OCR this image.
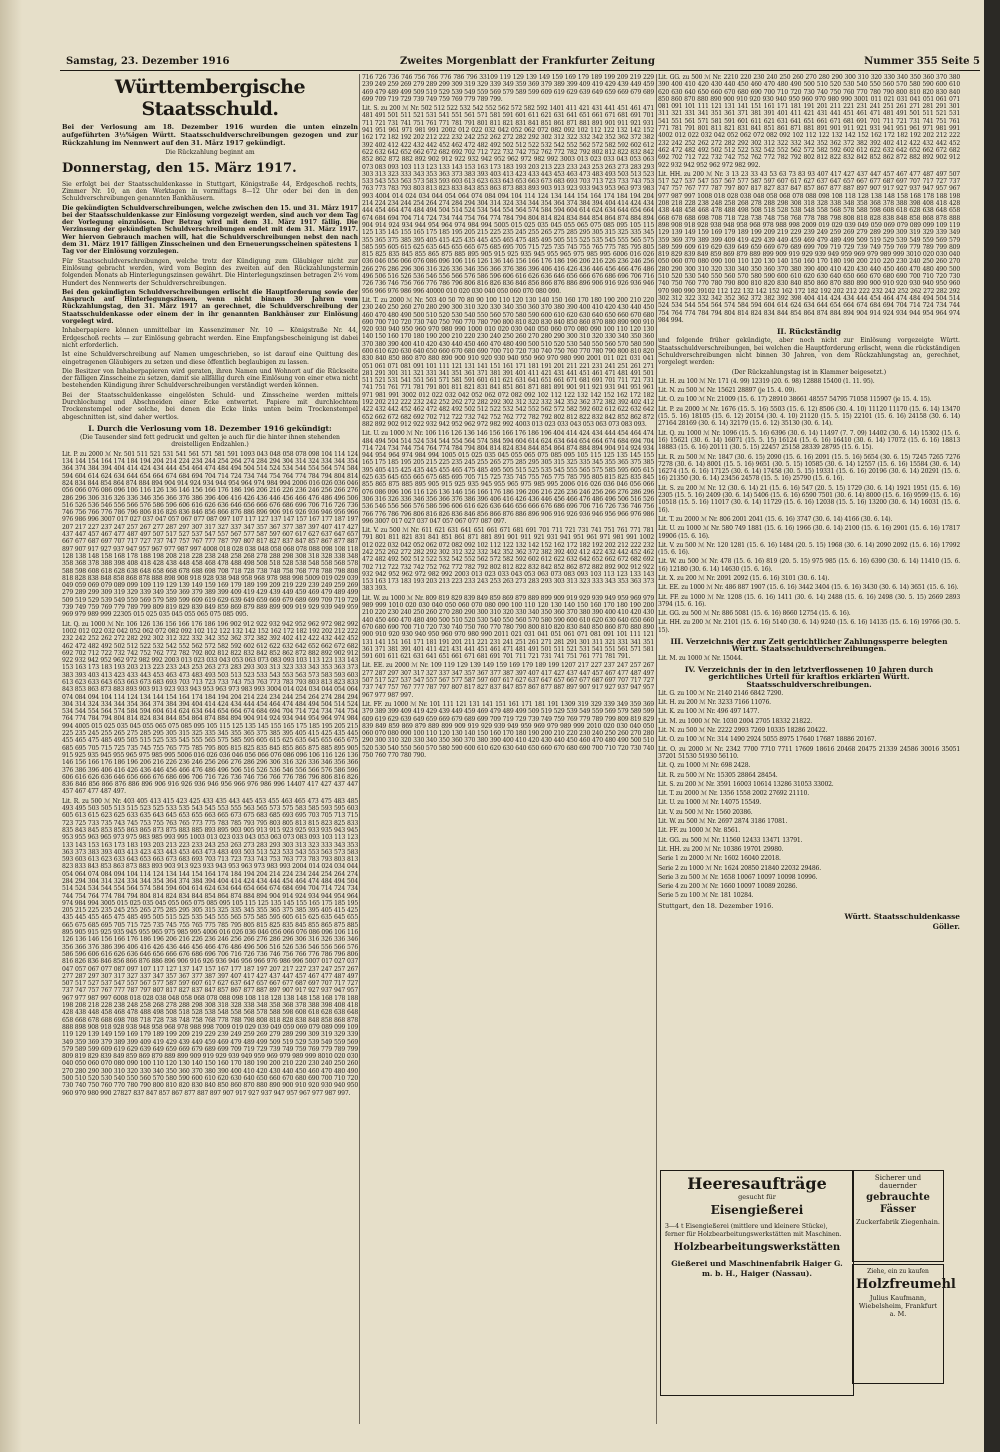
Samstag, 23. Dezember 1916	Zweites Morgenblatt der Frankfurter Zeitung	Nummer 355 Seite 5
Württembergische Staatsschuld.

Bei der Verlosung am 18. Dezember 1916 wurden die unten einzeln aufgeführten 3½%igen Württ. Staatsschuldverschreibungen gezogen und zur Rückzahlung im Nennwert auf den 31. März 1917 gekündigt.

Die Rückzahlung beginnt am

Donnerstag, den 15. März 1917.

Sie erfolgt bei der Staatsschuldenkasse in Stuttgart, Königstraße 44, Erdgeschoß rechts, Zimmer Nr. 10, an den Werktagen in vormittags 8—12 Uhr oder bei den in den Schuldverschreibungen genannten Bankhäusern.

Die gekündigten Schuldverschreibungen, welche zwischen den 15. und 31. März 1917 bei der Staatsschuldenkasse zur Einlösung vorgezeigt werden, sind auch vor dem Tag der Vorlegung einzulösen. Der Betrag wird mit dem 31. März 1917 fällig. Die Verzinsung der gekündigten Schuldverschreibungen endet mit dem 31. März 1917. Wer hiervon Gebrauch machen will, hat die Schuldverschreibungen nebst den nach dem 31. März 1917 fälligen Zinsscheinen und den Erneuerungsscheinen spätestens 1 Tag vor der Einlösung vorzulegen.

Für Staatsschuldverschreibungen, welche trotz der Kündigung zum Gläubiger nicht zur Einlösung gebracht werden, wird vom Beginn des zweiten auf den Rückzahlungstermin folgenden Monats ab Hinterlegungszinsen gewährt. Die Hinterlegungszinsen betragen 2½ vom Hundert des Nennwerts der Schuldverschreibungen.

Bei den gekündigten Schuldverschreibungen erlischt die Hauptforderung sowie der Anspruch auf Hinterlegungszinsen, wenn nicht binnen 30 Jahren vom Rückzahlungstag, den 31. März 1917 an gerechnet, die Schuldverschreibung der Staatsschuldenkasse oder einem der in ihr genannten Bankhäuser zur Einlösung vorgelegt wird.

Inhaberpapiere können unmittelbar im Kassenzimmer Nr. 10 — Königstraße Nr. 44, Erdgeschoß rechts — zur Einlösung gebracht werden. Eine Empfangsbescheinigung ist dabei nicht erforderlich.

Ist eine Schuldverschreibung auf Namen umgeschrieben, so ist darauf eine Quittung des eingetragenen Gläubigers zu setzen und diese öffentlich beglaubigen zu lassen.

Die Besitzer von Inhaberpapieren wird geraten, ihren Namen und Wohnort auf die Rückseite der fälligen Zinsscheine zu setzen, damit sie allfällig durch eine Einlösung von einer etwa nicht bestehenden Kündigung ihrer Schuldverschreibungen verständigt werden können.

Bei der Staatsschuldenkasse eingelösten Schuld- und Zinsscheine werden mittels Durchlochung und Abschneiden einer Ecke entwertet. Papiere mit durchlochtem Trockenstempel oder solche, bei denen die Ecke links unten beim Trockenstempel abgeschnitten ist, sind daher wertlos.

I. Durch die Verlosung vom 18. Dezember 1916 gekündigt:

(Die Tausender sind fett gedruckt und gelten je auch für die hinter ihnen stehenden dreistelligen Endzahlen.)

Lit. P. zu 2000 ℳ Nr. 501 511 521 531 541 561 571 581 591 1093 043 048 058 078 098 104 114 124 134 144 154 164 174 184 194 204 214 224 234 244 254 264 274 284 294 304 314 324 334 344 354 364 374 384 394 404 414 424 434 444 454 464 474 484 494 504 514 524 534 544 554 564 574 584 594 604 614 624 634 644 654 664 674 684 694 704 714 724 734 744 754 764 774 784 794 804 814 824 834 844 854 864 874 884 894 904 914 924 934 944 954 964 974 984 994 2006 016 026 036 046 056 066 076 086 096 106 116 126 136 146 156 166 176 186 196 206 216 226 236 246 256 266 276 286 296 306 316 326 336 346 356 366 376 386 396 406 416 426 436 446 456 466 476 486 496 506 516 526 536 546 556 566 576 586 596 606 616 626 636 646 656 666 676 686 696 706 716 726 736 746 756 766 776 786 796 806 816 826 836 846 856 866 876 886 896 906 916 926 936 946 956 966 976 986 996 3007 017 027 037 047 057 067 077 087 097 107 117 127 137 147 157 167 177 187 197 207 217 227 237 247 257 267 277 287 297 307 317 327 337 347 357 367 377 387 397 407 417 427 437 447 457 467 477 487 497 507 517 527 537 547 557 567 577 587 597 607 617 627 637 647 657 667 677 687 697 707 717 727 737 747 757 767 777 787 797 807 817 827 837 847 857 867 877 887 897 907 917 927 937 947 957 967 977 987 997 4008 018 028 038 048 058 068 078 088 098 108 118 128 138 148 158 168 178 188 198 208 218 228 238 248 258 268 278 288 298 308 318 328 338 348 358 368 378 388 398 408 418 428 438 448 458 468 478 488 498 508 518 528 538 548 558 568 578 588 598 608 618 628 638 648 658 668 678 688 698 708 718 728 738 748 758 768 778 788 798 808 818 828 838 848 858 868 878 888 898 908 918 928 938 948 958 968 978 988 998 5009 019 029 039 049 059 069 079 089 099 109 119 129 139 149 159 169 179 189 199 209 219 229 239 249 259 269 279 289 299 309 319 329 339 349 359 369 379 389 399 409 419 429 439 449 459 469 479 489 499 509 519 529 539 549 559 569 579 589 599 609 619 629 639 649 659 669 679 689 699 709 719 729 739 749 759 769 779 789 799 809 819 829 839 849 859 869 879 889 899 909 919 929 939 949 959 969 979 989 999 22305 015 025 035 045 055 065 075 085 095.

Lit. Q. zu 1000 ℳ Nr. 106 126 136 156 166 176 186 196 902 912 922 932 942 952 962 972 982 992 1002 012 022 032 042 052 062 072 082 092 102 112 122 132 142 152 162 172 182 192 202 212 222 232 242 252 262 272 282 292 302 312 322 332 342 352 362 372 382 392 402 412 422 432 442 452 462 472 482 492 502 512 522 532 542 552 562 572 582 592 602 612 622 632 642 652 662 672 682 692 702 712 722 732 742 752 762 772 782 792 802 812 822 832 842 852 862 872 882 892 902 912 922 932 942 952 962 972 982 992 2003 013 023 033 043 053 063 073 083 093 103 113 123 133 143 153 163 173 183 193 203 213 223 233 243 253 263 273 283 293 303 313 323 333 343 353 363 373 383 393 403 413 423 433 443 453 463 473 483 493 503 513 523 533 543 553 563 573 583 593 603 613 623 633 643 653 663 673 683 693 703 713 723 733 743 753 763 773 783 793 803 813 823 833 843 853 863 873 883 893 903 913 923 933 943 953 963 973 983 993 3004 014 024 034 044 054 064 074 084 094 104 114 124 134 144 154 164 174 184 194 204 214 224 234 244 254 264 274 284 294 304 314 324 334 344 354 364 374 384 394 404 414 424 434 444 454 464 474 484 494 504 514 524 534 544 554 564 574 584 594 604 614 624 634 644 654 664 674 684 694 704 714 724 734 744 754 764 774 784 794 804 814 824 834 844 854 864 874 884 894 904 914 924 934 944 954 964 974 984 994 4005 015 025 035 045 055 065 075 085 095 105 115 125 135 145 155 165 175 185 195 205 215 225 235 245 255 265 275 285 295 305 315 325 335 345 355 365 375 385 395 405 415 425 435 445 455 465 475 485 495 505 515 525 535 545 555 565 575 585 595 605 615 625 635 645 655 665 675 685 695 705 715 725 735 745 755 765 775 785 795 805 815 825 835 845 855 865 875 885 895 905 915 925 935 945 955 965 975 985 995 5006 016 026 036 046 056 066 076 086 096 106 116 126 136 146 156 166 176 186 196 206 216 226 236 246 256 266 276 286 296 306 316 326 336 346 356 366 376 386 396 406 416 426 436 446 456 466 476 486 496 506 516 526 536 546 556 566 576 586 596 606 616 626 636 646 656 666 676 686 696 706 716 726 736 746 756 766 776 786 796 806 816 826 836 846 856 866 876 886 896 906 916 926 936 946 956 966 976 986 996 14407 417 427 437 447 457 467 477 487 497.

Lit. R. zu 500 ℳ Nr. 403 405 413 415 423 425 433 435 443 445 453 455 463 465 473 475 483 485 493 495 503 505 513 515 523 525 533 535 543 545 553 555 563 565 573 575 583 585 593 595 603 605 613 615 623 625 633 635 643 645 653 655 663 665 673 675 683 685 693 695 703 705 713 715 723 725 733 735 743 745 753 755 763 765 773 775 783 785 793 795 803 805 813 815 823 825 833 835 843 845 853 855 863 865 873 875 883 885 893 895 903 905 913 915 923 925 933 935 943 945 953 955 963 965 973 975 983 985 993 995 1003 013 023 033 043 053 063 073 083 093 103 113 123 133 143 153 163 173 183 193 203 213 223 233 243 253 263 273 283 293 303 313 323 333 343 353 363 373 383 393 403 413 423 433 443 453 463 473 483 493 503 513 523 533 543 553 563 573 583 593 603 613 623 633 643 653 663 673 683 693 703 713 723 733 743 753 763 773 783 793 803 813 823 833 843 853 863 873 883 893 903 913 923 933 943 953 963 973 983 993 2004 014 024 034 044 054 064 074 084 094 104 114 124 134 144 154 164 174 184 194 204 214 224 234 244 254 264 274 284 294 304 314 324 334 344 354 364 374 384 394 404 414 424 434 444 454 464 474 484 494 504 514 524 534 544 554 564 574 584 594 604 614 624 634 644 654 664 674 684 694 704 714 724 734 744 754 764 774 784 794 804 814 824 834 844 854 864 874 884 894 904 914 924 934 944 954 964 974 984 994 3005 015 025 035 045 055 065 075 085 095 105 115 125 135 145 155 165 175 185 195 205 215 225 235 245 255 265 275 285 295 305 315 325 335 345 355 365 375 385 395 405 415 425 435 445 455 465 475 485 495 505 515 525 535 545 555 565 575 585 595 605 615 625 635 645 655 665 675 685 695 705 715 725 735 745 755 765 775 785 795 805 815 825 835 845 855 865 875 885 895 905 915 925 935 945 955 965 975 985 995 4006 016 026 036 046 056 066 076 086 096 106 116 126 136 146 156 166 176 186 196 206 216 226 236 246 256 266 276 286 296 306 316 326 336 346 356 366 376 386 396 406 416 426 436 446 456 466 476 486 496 506 516 526 536 546 556 566 576 586 596 606 616 626 636 646 656 666 676 686 696 706 716 726 736 746 756 766 776 786 796 806 816 826 836 846 856 866 876 886 896 906 916 926 936 946 956 966 976 986 996 5007 017 027 037 047 057 067 077 087 097 107 117 127 137 147 157 167 177 187 197 207 217 227 237 247 257 267 277 287 297 307 317 327 337 347 357 367 377 387 397 407 417 427 437 447 457 467 477 487 497 507 517 527 537 547 557 567 577 587 597 607 617 627 637 647 657 667 677 687 697 707 717 727 737 747 757 767 777 787 797 807 817 827 837 847 857 867 877 887 897 907 917 927 937 947 957 967 977 987 997 6008 018 028 038 048 058 068 078 088 098 108 118 128 138 148 158 168 178 188 198 208 218 228 238 248 258 268 278 288 298 308 318 328 338 348 358 368 378 388 398 408 418 428 438 448 458 468 478 488 498 508 518 528 538 548 558 568 578 588 598 608 618 628 638 648 658 668 678 688 698 708 718 728 738 748 758 768 778 788 798 808 818 828 838 848 858 868 878 888 898 908 918 928 938 948 958 968 978 988 998 7009 019 029 039 049 059 069 079 089 099 109 119 129 139 149 159 169 179 189 199 209 219 229 239 249 259 269 279 289 299 309 319 329 339 349 359 369 379 389 399 409 419 429 439 449 459 469 479 489 499 509 519 529 539 549 559 569 579 589 599 609 619 629 639 649 659 669 679 689 699 709 719 729 739 749 759 769 779 789 799 809 819 829 839 849 859 869 879 889 899 909 919 929 939 949 959 969 979 989 999 8010 020 030 040 050 060 070 080 090 100 110 120 130 140 150 160 170 180 190 200 210 220 230 240 250 260 270 280 290 300 310 320 330 340 350 360 370 380 390 400 410 420 430 440 450 460 470 480 490 500 510 520 530 540 550 560 570 580 590 600 610 620 630 640 650 660 670 680 690 700 710 720 730 740 750 760 770 780 790 800 810 820 830 840 850 860 870 880 890 900 910 920 930 940 950 960 970 980 990 27827 837 847 857 867 877 887 897 907 917 927 937 947 957 967 977 987 997.

716 726 736 746 756 766 776 786 796 33109 119 129 139 149 159 169 179 189 199 209 219 229 239 249 259 269 279 289 299 309 319 329 339 349 359 369 379 389 399 409 419 429 439 449 459 469 479 489 499 509 519 529 539 549 559 569 579 589 599 609 619 629 639 649 659 669 679 689 699 709 719 729 739 749 759 769 779 789 799.

Lit. S. zu 200 ℳ Nr. 502 512 522 532 542 552 562 572 582 592 1401 411 421 431 441 451 461 471 481 491 501 511 521 531 541 551 561 571 581 591 601 611 621 631 641 651 661 671 681 691 701 711 721 731 741 751 761 771 781 791 801 811 821 831 841 851 861 871 881 891 901 911 921 931 941 951 961 971 981 991 2002 012 022 032 042 052 062 072 082 092 102 112 122 132 142 152 162 172 182 192 202 212 222 232 242 252 262 272 282 292 302 312 322 332 342 352 362 372 382 392 402 412 422 432 442 452 462 472 482 492 502 512 522 532 542 552 562 572 582 592 602 612 622 632 642 652 662 672 682 692 702 712 722 732 742 752 762 772 782 792 802 812 822 832 842 852 862 872 882 892 902 912 922 932 942 952 962 972 982 992 3003 013 023 033 043 053 063 073 083 093 103 113 123 133 143 153 163 173 183 193 203 213 223 233 243 253 263 273 283 293 303 313 323 333 343 353 363 373 383 393 403 413 423 433 443 453 463 473 483 493 503 513 523 533 543 553 563 573 583 593 603 613 623 633 643 653 663 673 683 693 703 713 723 733 743 753 763 773 783 793 803 813 823 833 843 853 863 873 883 893 903 913 923 933 943 953 963 973 983 993 4004 014 024 034 044 054 064 074 084 094 104 114 124 134 144 154 164 174 184 194 204 214 224 234 244 254 264 274 284 294 304 314 324 334 344 354 364 374 384 394 404 414 424 434 444 454 464 474 484 494 504 514 524 534 544 554 564 574 584 594 604 614 624 634 644 654 664 674 684 694 704 714 724 734 744 754 764 774 784 794 804 814 824 834 844 854 864 874 884 894 904 914 924 934 944 954 964 974 984 994 5005 015 025 035 045 055 065 075 085 095 105 115 125 135 145 155 165 175 185 195 205 215 225 235 245 255 265 275 285 295 305 315 325 335 345 355 365 375 385 395 405 415 425 435 445 455 465 475 485 495 505 515 525 535 545 555 565 575 585 595 605 615 625 635 645 655 665 675 685 695 705 715 725 735 745 755 765 775 785 795 805 815 825 835 845 855 865 875 885 895 905 915 925 935 945 955 965 975 985 995 6006 016 026 036 046 056 066 076 086 096 106 116 126 136 146 156 166 176 186 196 206 216 226 236 246 256 266 276 286 296 306 316 326 336 346 356 366 376 386 396 406 416 426 436 446 456 466 476 486 496 506 516 526 536 546 556 566 576 586 596 606 616 626 636 646 656 666 676 686 696 706 716 726 736 746 756 766 776 786 796 806 816 826 836 846 856 866 876 886 896 906 916 926 936 946 956 966 976 986 996 40000 010 020 030 040 050 060 070 080 090.

Lit. T. zu 2000 ℳ Nr. 503 40 50 70 80 90 100 110 120 130 140 150 160 170 180 190 200 210 220 230 240 250 260 270 280 290 300 310 320 330 340 350 360 370 380 390 400 410 420 430 440 450 460 470 480 490 500 510 520 530 540 550 560 570 580 590 600 610 620 630 640 650 660 670 680 690 700 710 720 730 740 750 760 770 780 790 800 810 820 830 840 850 860 870 880 890 900 910 920 930 940 950 960 970 980 990 1000 010 020 030 040 050 060 070 080 090 100 110 120 130 140 150 160 170 180 190 200 210 220 230 240 250 260 270 280 290 300 310 320 330 340 350 360 370 380 390 400 410 420 430 440 450 460 470 480 490 500 510 520 530 540 550 560 570 580 590 600 610 620 630 640 650 660 670 680 690 700 710 720 730 740 750 760 770 780 790 800 810 820 830 840 850 860 870 880 890 900 910 920 930 940 950 960 970 980 990 2001 011 021 031 041 051 061 071 081 091 101 111 121 131 141 151 161 171 181 191 201 211 221 231 241 251 261 271 281 291 301 311 321 331 341 351 361 371 381 391 401 411 421 431 441 451 461 471 481 491 501 511 521 531 541 551 561 571 581 591 601 611 621 631 641 651 661 671 681 691 701 711 721 731 741 751 761 771 781 791 801 811 821 831 841 851 861 871 881 891 901 911 921 931 941 951 961 971 981 991 3002 012 022 032 042 052 062 072 082 092 102 112 122 132 142 152 162 172 182 192 202 212 222 232 242 252 262 272 282 292 302 312 322 332 342 352 362 372 382 392 402 412 422 432 442 452 462 472 482 492 502 512 522 532 542 552 562 572 582 592 602 612 622 632 642 652 662 672 682 692 702 712 722 732 742 752 762 772 782 792 802 812 822 832 842 852 862 872 882 892 902 912 922 932 942 952 962 972 982 992 4003 013 023 033 043 053 063 073 083 093.

Lit. U. zu 1000 ℳ Nr. 106 116 126 136 146 156 166 176 186 196 404 414 424 434 444 454 464 474 484 494 504 514 524 534 544 554 564 574 584 594 604 614 624 634 644 654 664 674 684 694 704 714 724 734 744 754 764 774 784 794 804 814 824 834 844 854 864 874 884 894 904 914 924 934 944 954 964 974 984 994 1005 015 025 035 045 055 065 075 085 095 105 115 125 135 145 155 165 175 185 195 205 215 225 235 245 255 265 275 285 295 305 315 325 335 345 355 365 375 385 395 405 415 425 435 445 455 465 475 485 495 505 515 525 535 545 555 565 575 585 595 605 615 625 635 645 655 665 675 685 695 705 715 725 735 745 755 765 775 785 795 805 815 825 835 845 855 865 875 885 895 905 915 925 935 945 955 965 975 985 995 2006 016 026 036 046 056 066 076 086 096 106 116 126 136 146 156 166 176 186 196 206 216 226 236 246 256 266 276 286 296 306 316 326 336 346 356 366 376 386 396 406 416 426 436 446 456 466 476 486 496 506 516 526 536 546 556 566 576 586 596 606 616 626 636 646 656 666 676 686 696 706 716 726 736 746 756 766 776 786 796 806 816 826 836 846 856 866 876 886 896 906 916 926 936 946 956 966 976 986 996 3007 017 027 037 047 057 067 077 087 097.

Lit. V. zu 500 ℳ Nr. 611 621 631 641 651 661 671 681 691 701 711 721 731 741 751 761 771 781 791 801 811 821 831 841 851 861 871 881 891 901 911 921 931 941 951 961 971 981 991 1002 012 022 032 042 052 062 072 082 092 102 112 122 132 142 152 162 172 182 192 202 212 222 232 242 252 262 272 282 292 302 312 322 332 342 352 362 372 382 392 402 412 422 432 442 452 462 472 482 492 502 512 522 532 542 552 562 572 582 592 602 612 622 632 642 652 662 672 682 692 702 712 722 732 742 752 762 772 782 792 802 812 822 832 842 852 862 872 882 892 902 912 922 932 942 952 962 972 982 992 2003 013 023 033 043 053 063 073 083 093 103 113 123 133 143 153 163 173 183 193 203 213 223 233 243 253 263 273 283 293 303 313 323 333 343 353 363 373 383 393.

Lit. W. zu 1000 ℳ Nr. 809 819 829 839 849 859 869 879 889 899 909 919 929 939 949 959 969 979 989 999 1010 020 030 040 050 060 070 080 090 100 110 120 130 140 150 160 170 180 190 200 210 220 230 240 250 260 270 280 290 300 310 320 330 340 350 360 370 380 390 400 410 420 430 440 450 460 470 480 490 500 510 520 530 540 550 560 570 580 590 600 610 620 630 640 650 660 670 680 690 700 710 720 730 740 750 760 770 780 790 800 810 820 830 840 850 860 870 880 890 900 910 920 930 940 950 960 970 980 990 2011 021 031 041 051 061 071 081 091 101 111 121 131 141 151 161 171 181 191 201 211 221 231 241 251 261 271 281 291 301 311 321 331 341 351 361 371 381 391 401 411 421 431 441 451 461 471 481 491 501 511 521 531 541 551 561 571 581 591 601 611 621 631 641 651 661 671 681 691 701 711 721 731 741 751 761 771 781 791.

Lit. EE. zu 2000 ℳ Nr. 109 119 129 139 149 159 169 179 189 199 1207 217 227 237 247 257 267 277 287 297 307 317 327 337 347 357 367 377 387 397 407 417 427 437 447 457 467 477 487 497 507 517 527 537 547 557 567 577 587 597 607 617 627 637 647 657 667 677 687 697 707 717 727 737 747 757 767 777 787 797 807 817 827 837 847 857 867 877 887 897 907 917 927 937 947 957 967 977 987 997.

Lit. FF. zu 1000 ℳ Nr. 101 111 121 131 141 151 161 171 181 191 1309 319 329 339 349 359 369 379 389 399 409 419 429 439 449 459 469 479 489 499 509 519 529 539 549 559 569 579 589 599 609 619 629 639 649 659 669 679 689 699 709 719 729 739 749 759 769 779 789 799 809 819 829 839 849 859 869 879 889 899 909 919 929 939 949 959 969 979 989 999 2010 020 030 040 050 060 070 080 090 100 110 120 130 140 150 160 170 180 190 200 210 220 230 240 250 260 270 280 290 300 310 320 330 340 350 360 370 380 390 400 410 420 430 440 450 460 470 480 490 500 510 520 530 540 550 560 570 580 590 600 610 620 630 640 650 660 670 680 690 700 710 720 730 740 750 760 770 780 790.

Lit. GG. zu 500 ℳ Nr. 2210 220 230 240 250 260 270 280 290 300 310 320 330 340 350 360 370 380 390 400 410 420 430 440 450 460 470 480 490 500 510 520 530 540 550 560 570 580 590 600 610 620 630 640 650 660 670 680 690 700 710 720 730 740 750 760 770 780 790 800 810 820 830 840 850 860 870 880 890 900 910 920 930 940 950 960 970 980 990 3001 011 021 031 041 051 061 071 081 091 101 111 121 131 141 151 161 171 181 191 201 211 221 231 241 251 261 271 281 291 301 311 321 331 341 351 361 371 381 391 401 411 421 431 441 451 461 471 481 491 501 511 521 531 541 551 561 571 581 591 601 611 621 631 641 651 661 671 681 691 701 711 721 731 741 751 761 771 781 791 801 811 821 831 841 851 861 871 881 891 901 911 921 931 941 951 961 971 981 991 4002 012 022 032 042 052 062 072 082 092 102 112 122 132 142 152 162 172 182 192 202 212 222 232 242 252 262 272 282 292 302 312 322 332 342 352 362 372 382 392 402 412 422 432 442 452 462 472 482 492 502 512 522 532 542 552 562 572 582 592 602 612 622 632 642 652 662 672 682 692 702 712 722 732 742 752 762 772 782 792 802 812 822 832 842 852 862 872 882 892 902 912 922 932 942 952 962 972 982 992.

Lit. HH. zu 200 ℳ Nr. 3 13 23 33 43 53 63 73 83 93 407 417 427 437 447 457 467 477 487 497 507 517 527 537 547 557 567 577 587 597 607 617 627 637 647 657 667 677 687 697 707 717 727 737 747 757 767 777 787 797 807 817 827 837 847 857 867 877 887 897 907 917 927 937 947 957 967 977 987 997 1008 018 028 038 048 058 068 078 088 098 108 118 128 138 148 158 168 178 188 198 208 218 228 238 248 258 268 278 288 298 308 318 328 338 348 358 368 378 388 398 408 418 428 438 448 458 468 478 488 498 508 518 528 538 548 558 568 578 588 598 608 618 628 638 648 658 668 678 688 698 708 718 728 738 748 758 768 778 788 798 808 818 828 838 848 858 868 878 888 898 908 918 928 938 948 958 968 978 988 998 2009 019 029 039 049 059 069 079 089 099 109 119 129 139 149 159 169 179 189 199 209 219 229 239 249 259 269 279 289 299 309 319 329 339 349 359 369 379 389 399 409 419 429 439 449 459 469 479 489 499 509 519 529 539 549 559 569 579 589 599 609 619 629 639 649 659 669 679 689 699 709 719 729 739 749 759 769 779 789 799 809 819 829 839 849 859 869 879 889 899 909 919 929 939 949 959 969 979 989 999 3010 020 030 040 050 060 070 080 090 100 110 120 130 140 150 160 170 180 190 200 210 220 230 240 250 260 270 280 290 300 310 320 330 340 350 360 370 380 390 400 410 420 430 440 450 460 470 480 490 500 510 520 530 540 550 560 570 580 590 600 610 620 630 640 650 660 670 680 690 700 710 720 730 740 750 760 770 780 790 800 810 820 830 840 850 860 870 880 890 900 910 920 930 940 950 960 970 980 990 39102 112 122 132 142 152 162 172 182 192 202 212 222 232 242 252 262 272 282 292 302 312 322 332 342 352 362 372 382 392 398 404 414 424 434 444 454 464 474 484 494 504 514 524 534 544 554 564 574 584 594 604 614 624 634 644 654 664 674 684 694 704 714 724 734 744 754 764 774 784 794 804 814 824 834 844 854 864 874 884 894 904 914 924 934 944 954 964 974 984 994.

II. Rückständig

und folgende früher gekündigte, aber noch nicht zur Einlösung vorgezeigte Württ. Staatsschuldverschreibungen, bei welchen die Hauptforderung erlischt, wenn die rückständigen Schuldverschreibungen nicht binnen 30 Jahren, von dem Rückzahlungstag an, gerechnet, vorgelegt werden:

(Der Rückzahlungstag ist in Klammer beigesetzt.)

Lit. H. zu 100 ℳ Nr. 171 (4. 99) 12319 (20. 6. 98) 12888 15400 (1. 11. 95).

Lit. N. zu 500 ℳ Nr. 15621 28897 (je 15. 4. 09).

Lit. O. zu 100 ℳ Nr. 21009 (15. 6. 17) 28910 38661 48557 54795 71058 115907 (je 15. 4. 15).

Lit. P. zu 2000 ℳ Nr. 1676 (15. 5. 16) 5503 (15. 6. 12) 8506 (30. 4. 10) 11120 11170 (15. 6. 14) 13470 (15. 5. 16) 18105 (15. 6. 12) 20154 (30. 4. 10) 21120 (15. 5. 15) 22101 (15. 6. 16) 24158 (30. 6. 14) 27164 28169 (30. 6. 14) 32179 (15. 6. 12) 35130 (30. 6. 14).

Lit. Q. zu 1000 ℳ Nr. 1096 (15. 5. 16) 6396 (30. 6. 14) 11497 (7. 7. 09) 14402 (30. 6. 14) 15302 (15. 6. 16) 15621 (30. 6. 14) 16071 (15. 5. 15) 16124 (15. 6. 16) 16410 (30. 6. 14) 17072 (15. 6. 16) 18813 18883 (15. 6. 16) 20111 (30. 5. 15) 22457 25158 28339 28795 (15. 6. 15).

Lit. R. zu 500 ℳ Nr. 1847 (30. 6. 15) 2090 (15. 6. 16) 2091 (15. 5. 16) 5654 (30. 6. 15) 7245 7265 7276 7278 (30. 6. 14) 8001 (15. 5. 16) 9651 (30. 5. 15) 10585 (30. 6. 14) 12557 (15. 6. 16) 15584 (30. 6. 14) 16274 (15. 6. 16) 17125 (30. 6. 14) 17458 (30. 5. 15) 19331 (15. 6. 16) 20196 (30. 6. 14) 20291 (15. 6. 16) 21350 (30. 6. 14) 23456 24578 (15. 5. 16) 25790 (15. 6. 16).

Lit. S. zu 200 ℳ Nr. 12 (30. 6. 14) 21 (15. 6. 16) 547 (20. 5. 15) 1729 (30. 6. 14) 1921 1951 (15. 6. 16) 2305 (15. 5. 16) 2409 (30. 6. 14) 5406 (15. 6. 16) 6590 7501 (30. 6. 14) 8000 (15. 6. 16) 9599 (15. 6. 16) 10518 (15. 5. 16) 11017 (30. 6. 14) 11729 (15. 6. 16) 12038 (15. 5. 16) 13200 (30. 6. 14) 16031 (15. 6. 16).

Lit. T. zu 2000 ℳ Nr. 806 2001 2041 (15. 6. 16) 3747 (30. 6. 14) 4166 (30. 6. 14).

Lit. U. zu 1000 ℳ Nr. 580 749 1881 (15. 6. 16) 1966 (30. 6. 14) 2100 (15. 6. 16) 2901 (15. 6. 16) 17817 19906 (15. 6. 16).

Lit. V. zu 500 ℳ Nr. 120 1281 (15. 6. 16) 1484 (20. 5. 15) 1968 (30. 6. 14) 2090 2092 (15. 6. 16) 17992 (15. 6. 16).

Lit. W. zu 500 ℳ Nr. 478 (15. 6. 16) 819 (20. 5. 15) 975 985 (15. 6. 16) 6390 (30. 6. 14) 11410 (15. 6. 16) 12180 (30. 6. 14) 14630 (15. 6. 16).

Lit. X. zu 200 ℳ Nr. 2091 2092 (15. 6. 16) 3101 (30. 6. 14).

Lit. EE. zu 1000 ℳ Nr. 486 887 1907 (15. 6. 16) 3442 3404 (15. 6. 16) 3430 (30. 6. 14) 3651 (15. 6. 16).

Lit. FF. zu 1000 ℳ Nr. 1208 (15. 6. 16) 1411 (30. 6. 14) 2488 (15. 6. 16) 2498 (30. 5. 15) 2669 2893 3794 (15. 6. 16).

Lit. GG. zu 500 ℳ Nr. 886 5081 (15. 6. 16) 8660 12754 (15. 6. 16).

Lit. HH. zu 200 ℳ Nr. 2101 (15. 6. 16) 5140 (30. 6. 14) 9240 (15. 6. 16) 14135 (15. 6. 16) 19766 (30. 5. 15).

III. Verzeichnis der zur Zeit gerichtlicher Zahlungssperre belegten Württ. Staatsschuldverschreibungen.

Lit. M. zu 1000 ℳ Nr. 15044.

IV. Verzeichnis der in den letztverflossenen 10 Jahren durch gerichtliches Urteil für kraftlos erklärten Württ. Staatsschuldverschreibungen.

Lit. G. zu 100 ℳ Nr. 2140 2146 6842 7290.

Lit. H. zu 200 ℳ Nr. 3233 7166 11076.

Lit. K. zu 100 ℳ Nr. 496 497 1477.

Lit. M. zu 1000 ℳ Nr. 1030 2004 2705 18332 21822.

Lit. N. zu 500 ℳ Nr. 2222 2993 7269 10335 18286 20422.

Lit. O. zu 100 ℳ Nr. 314 1490 2924 5055 8975 17640 17687 18886 20167.

Lit. O. zu 2000 ℳ Nr. 2342 7700 7710 7711 17609 18616 20468 20475 21339 24586 30016 35051 37201 51530 51930 56110.

Lit. Q. zu 1000 ℳ Nr. 698 2428.

Lit. R. zu 500 ℳ Nr. 15305 28864 28454.

Lit. S. zu 200 ℳ Nr. 3591 16003 10614 13286 31053 33002.

Lit. T. zu 2000 ℳ Nr. 1356 1558 2002 27692 21110.

Lit. U. zu 1000 ℳ Nr. 14075 15549.

Lit. V. zu 500 ℳ Nr. 1560 20386.

Lit. W. zu 500 ℳ Nr. 2697 2874 3186 17081.

Lit. FF. zu 1000 ℳ Nr. 8561.

Lit. GG. zu 500 ℳ Nr. 11560 12433 13471 13791.

Lit. HH. zu 200 ℳ Nr. 10386 19701 29980.

Serie 1 zu 2000 ℳ Nr. 1602 16040 22018.

Serie 2 zu 1000 ℳ Nr. 1624 20850 21840 22032 29486.

Serie 3 zu 500 ℳ Nr. 1658 10067 10097 10098 10996.

Serie 4 zu 200 ℳ Nr. 1660 10097 10089 20286.

Serie 5 zu 100 ℳ Nr. 181 10284.

Stuttgart, den 18. Dezember 1916.

Württ. Staatsschuldenkasse
Göller.
Heeresaufträge
gesucht für
Eisengießerei
3—4 t Eisengießerei (mittlere und kleinere Stücke), ferner für Holzbearbeitungswerkstätten mit Maschinen.
Holzbearbeitungswerkstätten
Gießerei und Maschinenfabrik Haiger G. m. b. H., Haiger (Nassau).
Sicherer und dauernder
gebrauchte Fässer
Zuckerfabrik Ziegenhain.
Ziehe, ein zu kaufen
Holzfreumehl
Julius Kaufmann, Wiebelsheim, Frankfurt a. M.
